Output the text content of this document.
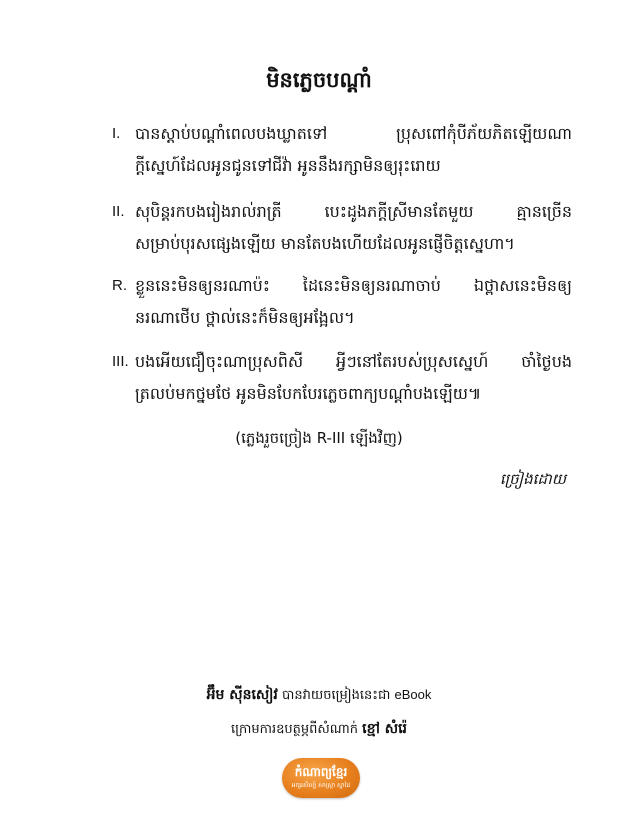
មិនភ្លេចបណ្ដាំ
I. បានស្ដាប់បណ្ដាំពេលបងឃ្លាតទៅ ប្រុសពៅកុំបីភ័យភិតឡើយណា
ក្ដីស្នេហ៍ដែលអូនជូនទៅជីវ៉ា អូននឹងរក្សាមិនឲ្យរុះរោយ
II. សុបិន្ដរកបងរៀងរាល់រាត្រី បេះដូងភក្ដីស្រីមានតែមួយ គ្មានច្រើន
សម្រាប់បុរសផ្សេងឡើយ មានតែបងហើយដែលអូនផ្ញើចិត្តស្នេហា។
R. ខ្លួននេះមិនឲ្យនរណាប៉ះ ដៃនេះមិនឲ្យនរណាចាប់ ឯថ្ពាសនេះមិនឲ្យ
នរណាថើប ថ្ពាល់នេះក៏មិនឲ្យអង្អែល។
III. បងអើយជឿចុះណាប្រុសពិសី អ្វីៗនៅតែរបស់ប្រុសស្នេហ៍ ចាំថ្ងៃបង
ត្រលប់មកថ្នមថែ អូនមិនបែកបែរភ្លេចពាក្យបណ្ដាំបងឡើយ៕
(ភ្លេងរួចច្រៀង R-III ឡើងវិញ)
ច្រៀងដោយ
អ៊ឹម ស៊ីនសៀវ បានវាយចម្រៀងនេះជា eBook
ក្រោមការឧបត្ថម្ភពីសំណាក់ ខ្មៅ សំរ៉េ
កំណាព្យខ្មែរ
អក្សរសិល្ប៍ សាស្ត្រា ស្នាដៃ
